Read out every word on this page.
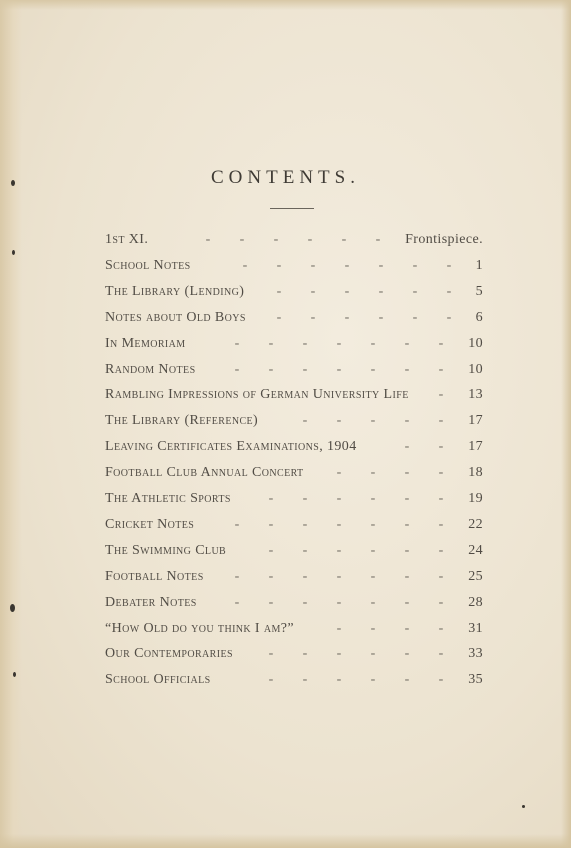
CONTENTS.
1st XI.	- - - - - -	Frontispiece.
School Notes	- - - - - - -	1
The Library (Lending)	- - - - - -	5
Notes about Old Boys	- - - - - -	6
In Memoriam	- - - - - - -	10
Random Notes	- - - - - - -	10
Rambling Impressions of German University Life	-	13
The Library (Reference)	- - - - -	17
Leaving Certificates Examinations, 1904	- -	17
Football Club Annual Concert	- - - -	18
The Athletic Sports	- - - - - -	19
Cricket Notes	- - - - - - -	22
The Swimming Club	- - - - - -	24
Football Notes	- - - - - - -	25
Debater Notes	- - - - - - -	28
“How Old do you think I am?”	- - - -	31
Our Contemporaries	- - - - - -	33
School Officials	- - - - - -	35
